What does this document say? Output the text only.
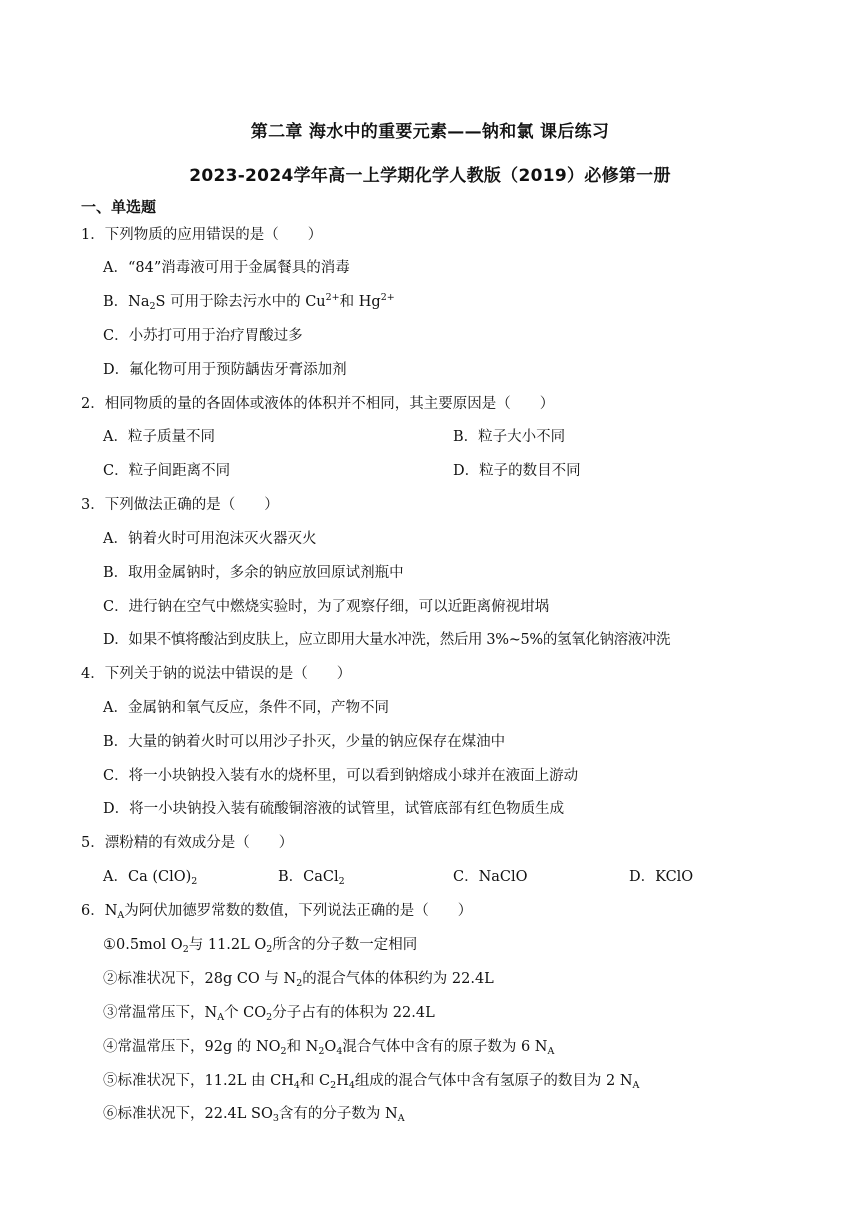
第二章 海水中的重要元素——钠和氯 课后练习
2023-2024学年高一上学期化学人教版（2019）必修第一册
一、单选题
1．下列物质的应用错误的是（　　）
A．“84”消毒液可用于金属餐具的消毒
B．$Na_2S$ 可用于除去污水中的 $Cu^{2+}$和 $Hg^{2+}$
C．小苏打可用于治疗胃酸过多
D．氟化物可用于预防龋齿牙膏添加剂
2．相同物质的量的各固体或液体的体积并不相同，其主要原因是（　　）
A．粒子质量不同	B．粒子大小不同
C．粒子间距离不同	D．粒子的数目不同
3．下列做法正确的是（　　）
A．钠着火时可用泡沫灭火器灭火
B．取用金属钠时，多余的钠应放回原试剂瓶中
C．进行钠在空气中燃烧实验时，为了观察仔细，可以近距离俯视坩埚
D．如果不慎将酸沾到皮肤上，应立即用大量水冲洗，然后用 3%~5%的氢氧化钠溶液冲洗
4．下列关于钠的说法中错误的是（　　）
A．金属钠和氧气反应，条件不同，产物不同
B．大量的钠着火时可以用沙子扑灭，少量的钠应保存在煤油中
C．将一小块钠投入装有水的烧杯里，可以看到钠熔成小球并在液面上游动
D．将一小块钠投入装有硫酸铜溶液的试管里，试管底部有红色物质生成
5．漂粉精的有效成分是（　　）
A．Ca $(ClO)_2$	B．CaCl$_2$	C．NaClO	D．KClO
6．$N_A$为阿伏加德罗常数的数值，下列说法正确的是（　　）
①0.5mol $O_2$与 11.2L $O_2$所含的分子数一定相同
②标准状况下，28g CO 与 $N_2$的混合气体的体积约为 22.4L
③常温常压下，$N_A$个 $CO_2$分子占有的体积为 22.4L
④常温常压下，92g 的 $NO_2$和 $N_2O_4$混合气体中含有的原子数为 6 $N_A$
⑤标准状况下，11.2L 由 $CH_4$和 $C_2H_4$组成的混合气体中含有氢原子的数目为 2 $N_A$
⑥标准状况下，22.4L $SO_3$含有的分子数为 $N_A$
